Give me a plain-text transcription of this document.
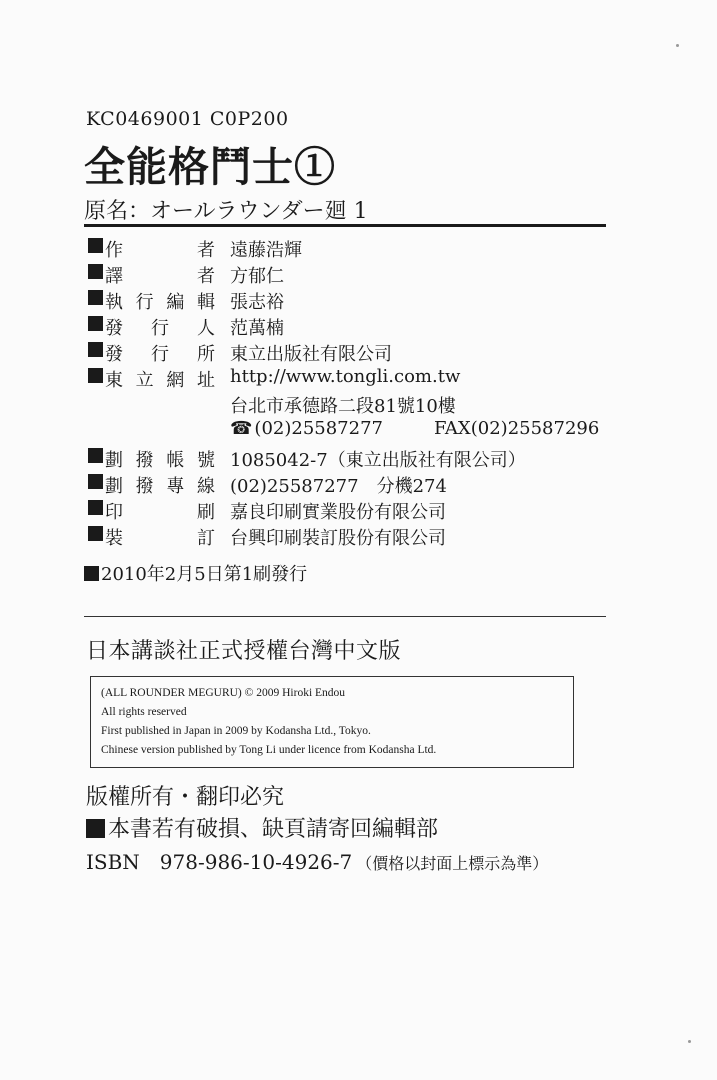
KC0469001 C0P200
全能格鬥士①
原名：オールラウンダー廻 1
作　者 遠藤浩輝
譯　者 方郁仁
執行編輯 張志裕
發 行 人 范萬楠
發 行 所 東立出版社有限公司
東立網址 http://www.tongli.com.tw
台北市承德路二段81號10樓
☎ (02)25587277	FAX(02)25587296
劃撥帳號 1085042-7（東立出版社有限公司）
劃撥專線 (02)25587277　分機274
印　刷 嘉良印刷實業股份有限公司
裝　訂 台興印刷裝訂股份有限公司
2010年2月5日第1刷發行
日本講談社正式授權台灣中文版
(ALL ROUNDER MEGURU) © 2009 Hiroki Endou
All rights reserved
First published in Japan in 2009 by Kodansha Ltd., Tokyo.
Chinese version published by Tong Li under licence from Kodansha Ltd.
版權所有・翻印必究
本書若有破損、缺頁請寄回編輯部
ISBN　978-986-10-4926-7 （價格以封面上標示為準）
